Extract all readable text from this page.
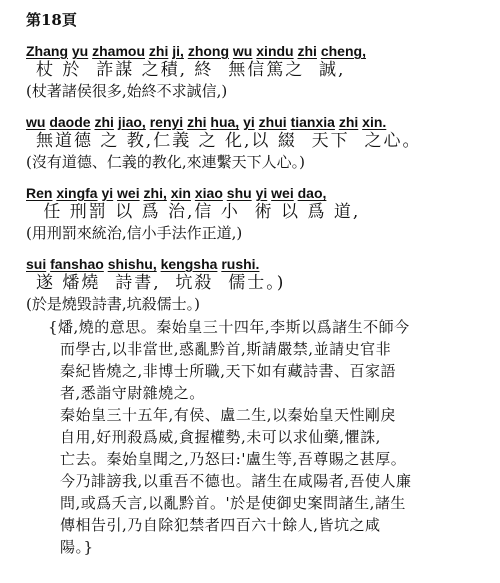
第18頁
Zhang yu zhamou zhi ji, zhong wu xindu zhi cheng,
杖 於  詐謀 之積, 終  無信篤之  誠,
(杖著諸侯很多,始終不求誠信,)
wu daode zhi jiao, renyi zhi hua, yi zhui tianxia zhi xin.
無道德 之 教,仁義 之 化,以 綴  天下  之心。
(沒有道德、仁義的教化,來連繫天下人心。)
Ren xingfa yi wei zhi, xin xiao shu yi wei dao,
任 刑罰 以 爲 治,信 小  術 以 爲 道,
(用刑罰來統治,信小手法作正道,)
sui fanshao shishu, kengsha rushi.
遂 燔燒  詩書,  坑殺  儒士。)
(於是燒毀詩書,坑殺儒士。)
{燔,燒的意思。秦始皇三十四年,李斯以爲諸生不師今
而學古,以非當世,惑亂黔首,斯請嚴禁,並請史官非
秦紀皆燒之,非博士所職,天下如有藏詩書、百家語
者,悉詣守尉雜燒之。
秦始皇三十五年,有侯、盧二生,以秦始皇天性剛戾
自用,好刑殺爲威,貪握權勢,未可以求仙藥,懼誅,
亡去。秦始皇聞之,乃怒曰:'盧生等,吾尊賜之甚厚。
今乃誹謗我,以重吾不德也。諸生在咸陽者,吾使人廉
問,或爲夭言,以亂黔首。'於是使御史案問諸生,諸生
傳相告引,乃自除犯禁者四百六十餘人,皆坑之咸
陽。}
